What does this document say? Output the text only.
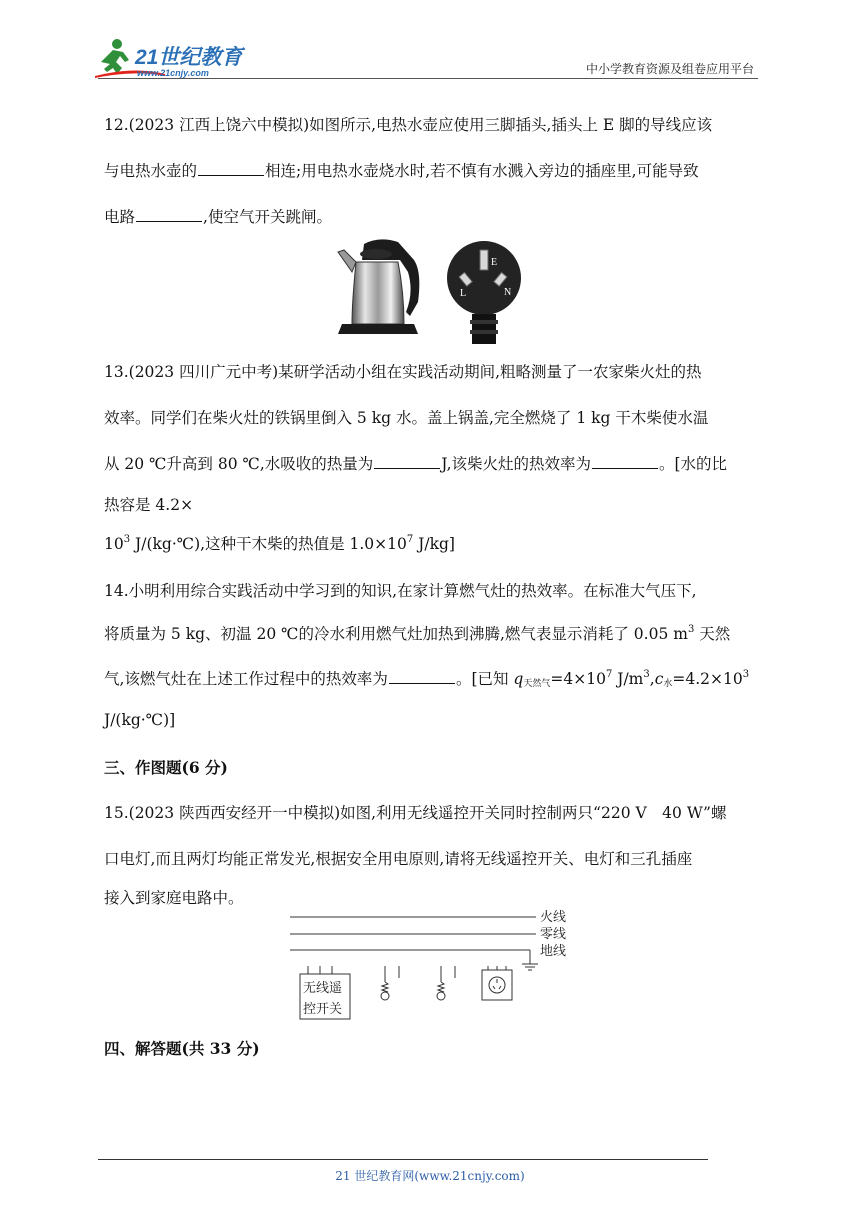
21世纪教育
www.21cnjy.com	中小学教育资源及组卷应用平台
12.(2023 江西上饶六中模拟)如图所示,电热水壶应使用三脚插头,插头上 E 脚的导线应该
与电热水壶的	相连;用电热水壶烧水时,若不慎有水溅入旁边的插座里,可能导致
电路	,使空气开关跳闸。
E
L	N
13.(2023 四川广元中考)某研学活动小组在实践活动期间,粗略测量了一农家柴火灶的热
效率。同学们在柴火灶的铁锅里倒入 5 kg 水。盖上锅盖,完全燃烧了 1 kg 干木柴使水温
从 20 ℃升高到 80 ℃,水吸收的热量为	J,该柴火灶的热效率为	。[水的比
热容是 4.2×
$10^3$ J/(kg·℃),这种干木柴的热值是 $1.0\times 10^7$ J/kg]
14.小明利用综合实践活动中学习到的知识,在家计算燃气灶的热效率。在标准大气压下,
将质量为 5 kg、初温 20 ℃的冷水利用燃气灶加热到沸腾,燃气表显示消耗了 0.05 $m^3$ 天然
气,该燃气灶在上述工作过程中的热效率为	。[已知 $q_{天然气}=4\times 10^7$ $J/m^3,c_水=4.2\times 10^3$
J/(kg·℃)]
三、作图题(6 分)
15.(2023 陕西西安经开一中模拟)如图,利用无线遥控开关同时控制两只“220 V　40 W”螺
口电灯,而且两灯均能正常发光,根据安全用电原则,请将无线遥控开关、电灯和三孔插座
接入到家庭电路中。
火线
零线
地线
无线遥
控开关
四、解答题(共 33 分)
21 世纪教育网(www.21cnjy.com)
